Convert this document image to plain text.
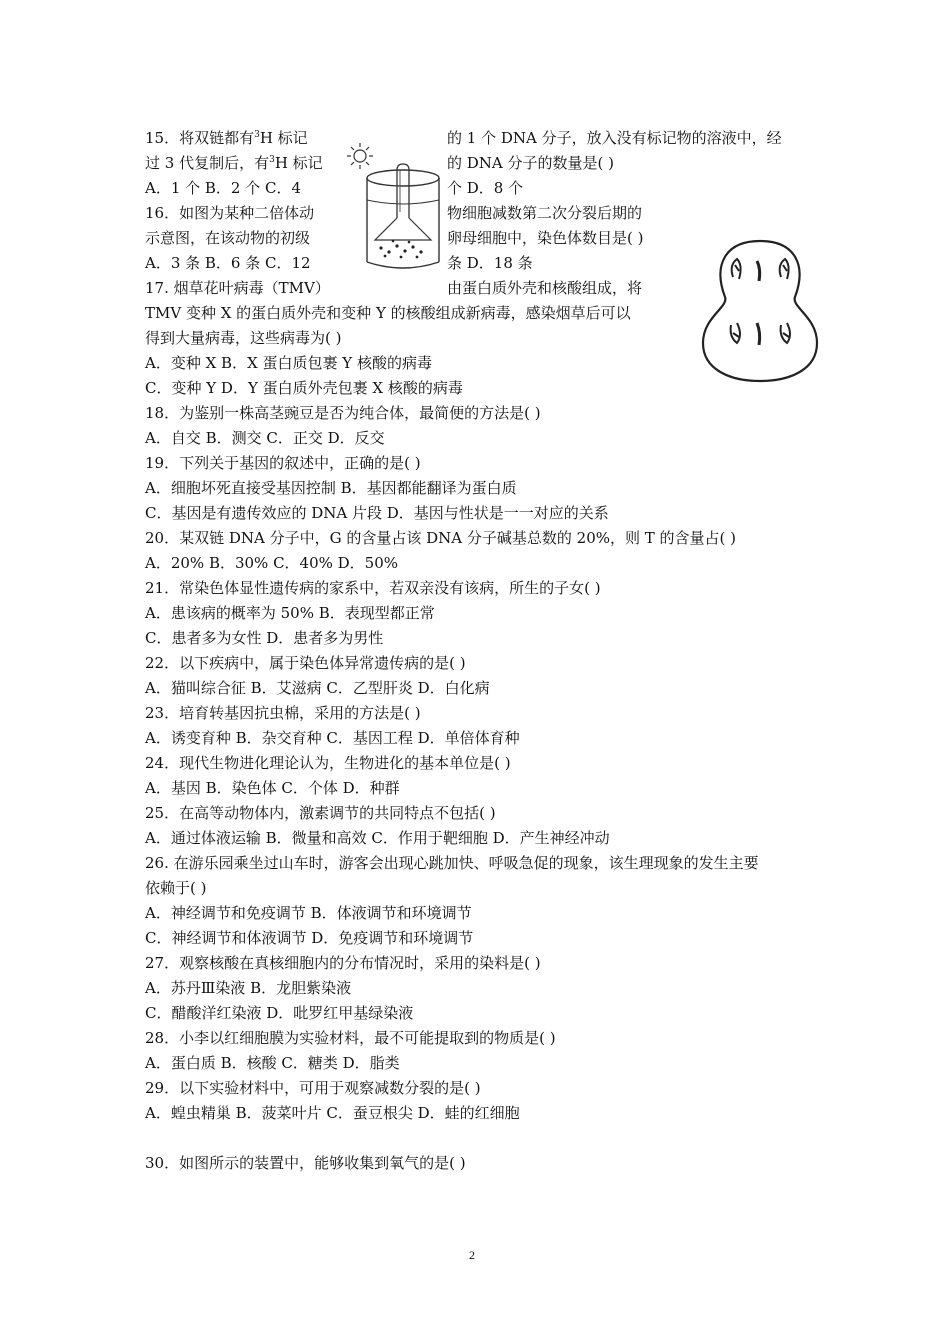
15．将双链都有$^3$H 标记	的 1 个 DNA 分子，放入没有标记物的溶液中，经
过 3 代复制后，有$^3$H 标记	的 DNA 分子的数量是( )
A．1 个 B．2 个 C．4	个 D．8 个
16．如图为某种二倍体动	物细胞减数第二次分裂后期的
示意图，在该动物的初级	卵母细胞中，染色体数目是( )
A．3 条 B．6 条 C．12	条 D．18 条
17. 烟草花叶病毒（TMV）	由蛋白质外壳和核酸组成，将
TMV 变种 X 的蛋白质外壳和变种 Y 的核酸组成新病毒，感染烟草后可以
得到大量病毒，这些病毒为( )
A．变种 X B．X 蛋白质包裹 Y 核酸的病毒
C．变种 Y D．Y 蛋白质外壳包裹 X 核酸的病毒
18．为鉴别一株高茎豌豆是否为纯合体，最简便的方法是( )
A．自交 B．测交 C．正交 D．反交
19．下列关于基因的叙述中，正确的是( )
A．细胞坏死直接受基因控制 B．基因都能翻译为蛋白质
C．基因是有遗传效应的 DNA 片段 D．基因与性状是一一对应的关系
20．某双链 DNA 分子中，G 的含量占该 DNA 分子碱基总数的 20%，则 T 的含量占( )
A．20% B．30% C．40% D．50%
21．常染色体显性遗传病的家系中，若双亲没有该病，所生的子女( )
A．患该病的概率为 50% B．表现型都正常
C．患者多为女性 D．患者多为男性
22．以下疾病中，属于染色体异常遗传病的是( )
A．猫叫综合征 B．艾滋病 C．乙型肝炎 D．白化病
23．培育转基因抗虫棉，采用的方法是( )
A．诱变育种 B．杂交育种 C．基因工程 D．单倍体育种
24．现代生物进化理论认为，生物进化的基本单位是( )
A．基因 B．染色体 C．个体 D．种群
25．在高等动物体内，激素调节的共同特点不包括( )
A．通过体液运输 B．微量和高效 C．作用于靶细胞 D．产生神经冲动
26. 在游乐园乘坐过山车时，游客会出现心跳加快、呼吸急促的现象，该生理现象的发生主要
依赖于( )
A．神经调节和免疫调节 B．体液调节和环境调节
C．神经调节和体液调节 D．免疫调节和环境调节
27．观察核酸在真核细胞内的分布情况时，采用的染料是( )
A．苏丹Ⅲ染液 B．龙胆紫染液
C．醋酸洋红染液 D．吡罗红甲基绿染液
28．小李以红细胞膜为实验材料，最不可能提取到的物质是( )
A．蛋白质 B．核酸 C．糖类 D．脂类
29．以下实验材料中，可用于观察减数分裂的是( )
A．蝗虫精巢 B．菠菜叶片 C．蚕豆根尖 D．蛙的红细胞
30．如图所示的装置中，能够收集到氧气的是( )
2
